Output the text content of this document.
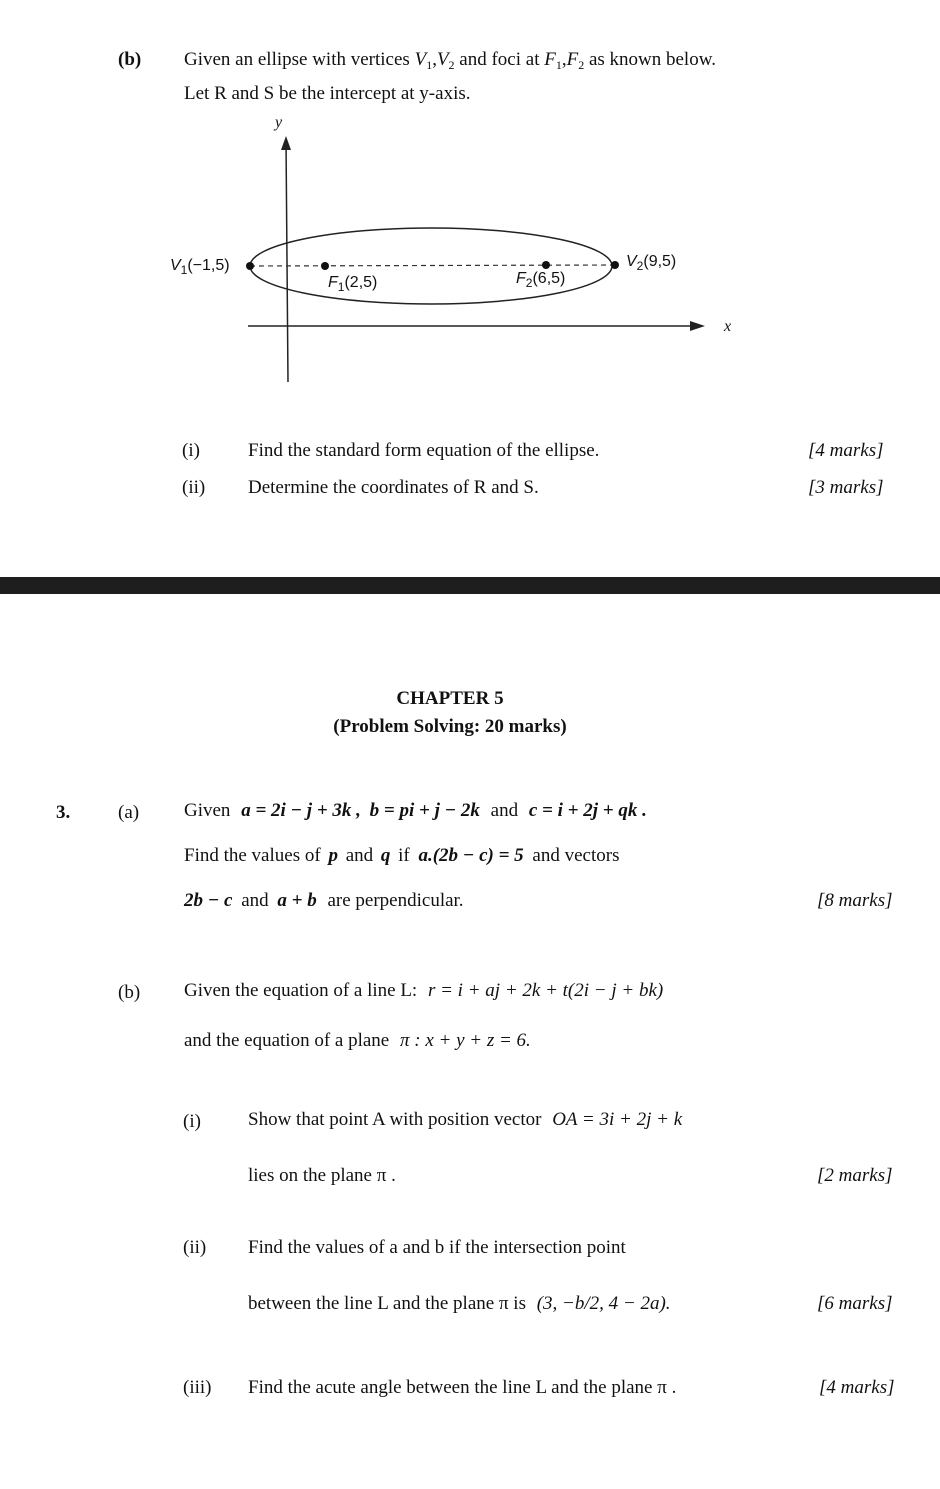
(b) Given an ellipse with vertices $V_1,V_2$ and foci at $F_1,F_2$ as known below.
Let R and S be the intercept at y-axis.
y
x
$V_1(-1,5)$
$F_1(2,5)$	$F_2(6,5)$
$V_2(9,5)$
(i)	Find the standard form equation of the ellipse.	[4 marks]
(ii) Determine the coordinates of R and S.	[3 marks]
CHAPTER 5
(Problem Solving: 20 marks)
3.	(a) Given a = 2i − j + 3k , b = pi + j − 2k and c = i + 2j + qk .
Find the values of p and q if a.(2b − c) = 5 and vectors
2b − c and a + b are perpendicular.	[8 marks]
(b) Given the equation of a line L: r = i + aj + 2k + t(2i − j + bk)
and the equation of a plane π : x + y + z = 6.
(i) Show that point A with position vector OA = 3i + 2j + k
lies on the plane π .	[2 marks]
(ii) Find the values of a and b if the intersection point
between the line L and the plane π is (3, −b/2, 4 − 2a).	[6 marks]
(iii) Find the acute angle between the line L and the plane π .	[4 marks]
